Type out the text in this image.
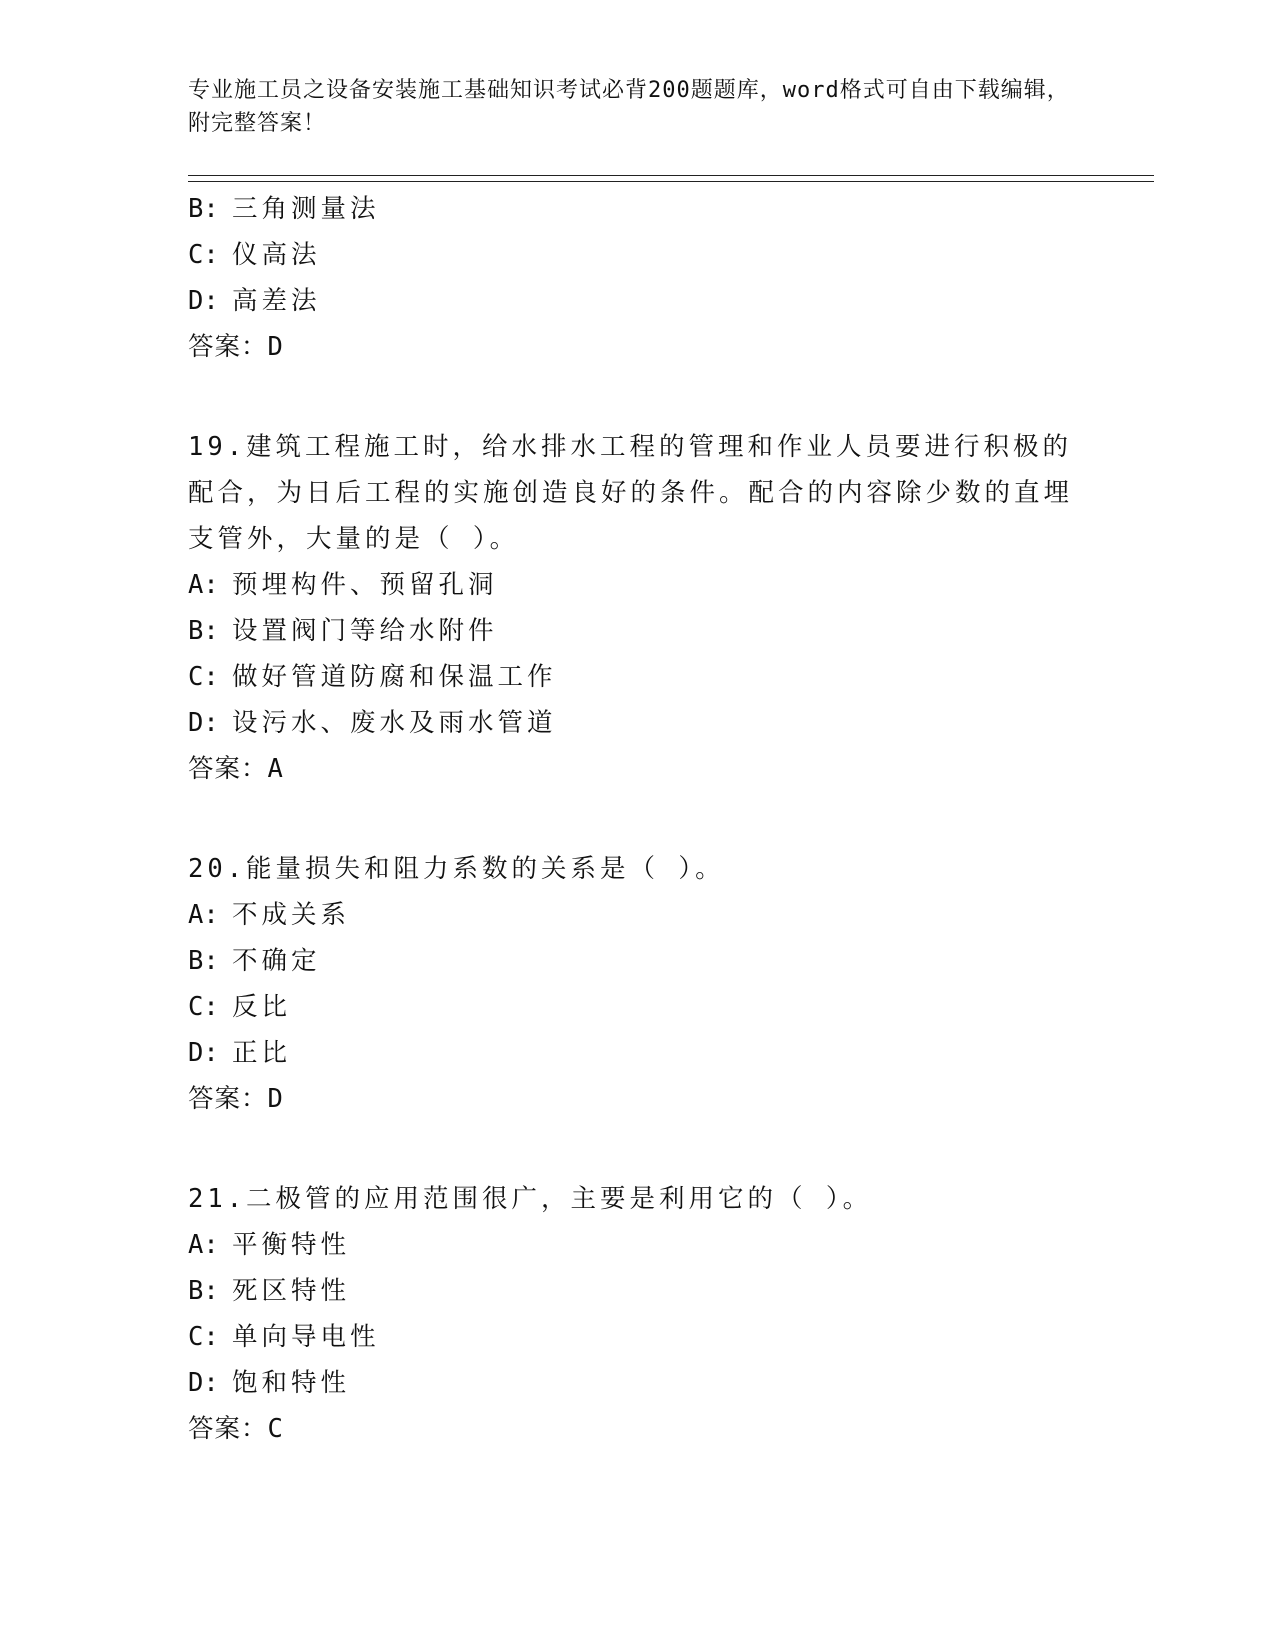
专业施工员之设备安装施工基础知识考试必背200题题库，word格式可自由下载编辑，附完整答案！
B: 三角测量法
C: 仪高法
D: 高差法
答案：D
19.建筑工程施工时，给水排水工程的管理和作业人员要进行积极的配合，为日后工程的实施创造良好的条件。配合的内容除少数的直埋支管外，大量的是（ ）。
A: 预埋构件、预留孔洞
B: 设置阀门等给水附件
C: 做好管道防腐和保温工作
D: 设污水、废水及雨水管道
答案：A
20.能量损失和阻力系数的关系是（ ）。
A: 不成关系
B: 不确定
C: 反比
D: 正比
答案：D
21.二极管的应用范围很广，主要是利用它的（ ）。
A: 平衡特性
B: 死区特性
C: 单向导电性
D: 饱和特性
答案：C
